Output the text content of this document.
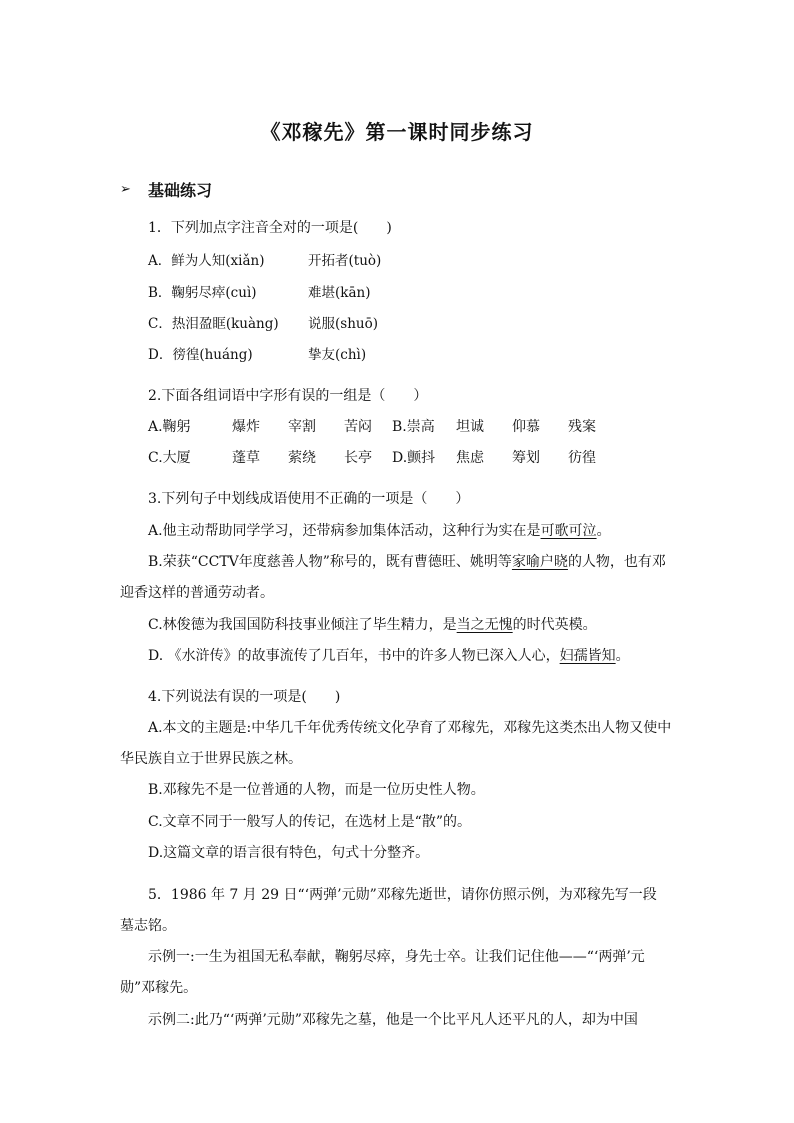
《邓稼先》第一课时同步练习
➢ 基础练习
1．下列加点字注音全对的一项是(　　)
A．鲜为人知(xiǎn)	开拓者(tuò)
B．鞠躬尽瘁(cuì)	难堪(kān)
C．热泪盈眶(kuàng) 说服(shuō)
D．徬徨(huáng)	挚友(chì)
2.下面各组词语中字形有误的一组是（　　）
A.鞠躬	爆炸 宰割 苦闷 B.崇高 坦诚 仰慕 残案
C.大厦	蓬草 萦绕 长亭 D.颤抖 焦虑 筹划 彷徨
3.下列句子中划线成语使用不正确的一项是（　　）
A.他主动帮助同学学习，还带病参加集体活动，这种行为实在是可歌可泣。
B.荣获“CCTV年度慈善人物”称号的，既有曹德旺、姚明等家喻户晓的人物，也有邓
迎香这样的普通劳动者。
C.林俊德为我国国防科技事业倾注了毕生精力，是当之无愧的时代英模。
D. 《水浒传》的故事流传了几百年，书中的许多人物已深入人心，妇孺皆知。
4.下列说法有误的一项是(　　)
A.本文的主题是:中华几千年优秀传统文化孕育了邓稼先，邓稼先这类杰出人物又使中
华民族自立于世界民族之林。
B.邓稼先不是一位普通的人物，而是一位历史性人物。
C.文章不同于一般写人的传记，在选材上是“散”的。
D.这篇文章的语言很有特色，句式十分整齐。
5．1986 年 7 月 29 日“‘两弹’元勋”邓稼先逝世，请你仿照示例，为邓稼先写一段
墓志铭。
示例一:一生为祖国无私奉献，鞠躬尽瘁，身先士卒。让我们记住他——“‘两弹’元
勋”邓稼先。
示例二:此乃“‘两弹’元勋”邓稼先之墓，他是一个比平凡人还平凡的人，却为中国
